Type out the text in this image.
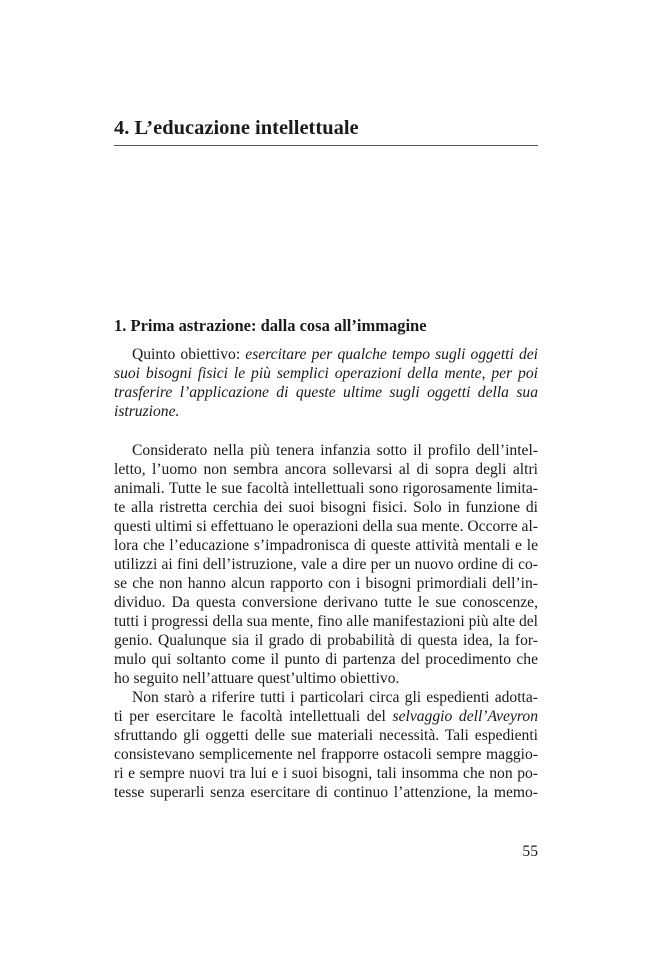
4. L’educazione intellettuale
1. Prima astrazione: dalla cosa all’immagine
Quinto obiettivo: esercitare per qualche tempo sugli oggetti dei
suoi bisogni fisici le più semplici operazioni della mente, per poi
trasferire l’applicazione di queste ultime sugli oggetti della sua
istruzione.
Considerato nella più tenera infanzia sotto il profilo dell’intel-
letto, l’uomo non sembra ancora sollevarsi al di sopra degli altri
animali. Tutte le sue facoltà intellettuali sono rigorosamente limita-
te alla ristretta cerchia dei suoi bisogni fisici. Solo in funzione di
questi ultimi si effettuano le operazioni della sua mente. Occorre al-
lora che l’educazione s’impadronisca di queste attività mentali e le
utilizzi ai fini dell’istruzione, vale a dire per un nuovo ordine di co-
se che non hanno alcun rapporto con i bisogni primordiali dell’in-
dividuo. Da questa conversione derivano tutte le sue conoscenze,
tutti i progressi della sua mente, fino alle manifestazioni più alte del
genio. Qualunque sia il grado di probabilità di questa idea, la for-
mulo qui soltanto come il punto di partenza del procedimento che
ho seguito nell’attuare quest’ultimo obiettivo.
Non starò a riferire tutti i particolari circa gli espedienti adotta-
ti per esercitare le facoltà intellettuali del selvaggio dell’Aveyron
sfruttando gli oggetti delle sue materiali necessità. Tali espedienti
consistevano semplicemente nel frapporre ostacoli sempre maggio-
ri e sempre nuovi tra lui e i suoi bisogni, tali insomma che non po-
tesse superarli senza esercitare di continuo l’attenzione, la memo-
55
